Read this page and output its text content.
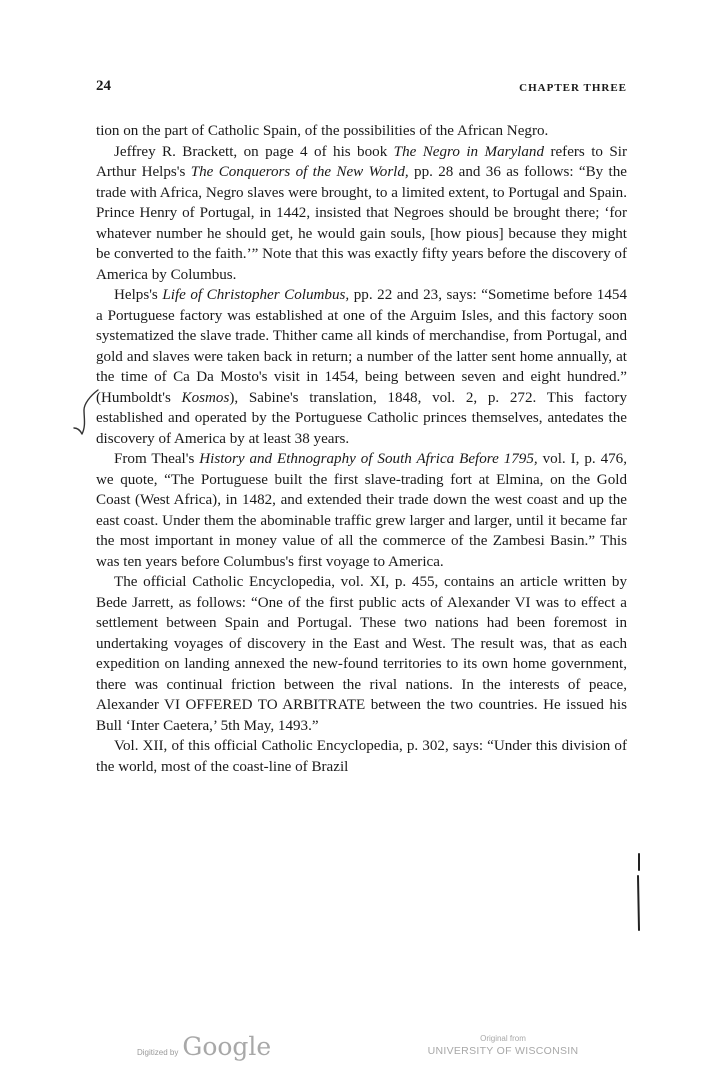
24	CHAPTER THREE

tion on the part of Catholic Spain, of the possibilities of the African Negro.

Jeffrey R. Brackett, on page 4 of his book The Negro in Maryland refers to Sir Arthur Helps's The Conquerors of the New World, pp. 28 and 36 as follows: “By the trade with Africa, Negro slaves were brought, to a limited extent, to Portugal and Spain. Prince Henry of Portugal, in 1442, insisted that Negroes should be brought there; ‘for whatever number he should get, he would gain souls, [how pious] because they might be converted to the faith.’” Note that this was exactly fifty years before the discovery of America by Columbus.

Helps's Life of Christopher Columbus, pp. 22 and 23, says: “Sometime before 1454 a Portuguese factory was established at one of the Arguim Isles, and this factory soon systematized the slave trade. Thither came all kinds of merchandise, from Portugal, and gold and slaves were taken back in return; a number of the latter sent home annually, at the time of Ca Da Mosto's visit in 1454, being between seven and eight hundred.” (Humboldt's Kosmos), Sabine's translation, 1848, vol. 2, p. 272. This factory established and operated by the Portuguese Catholic princes themselves, antedates the discovery of America by at least 38 years.

From Theal's History and Ethnography of South Africa Before 1795, vol. I, p. 476, we quote, “The Portuguese built the first slave-trading fort at Elmina, on the Gold Coast (West Africa), in 1482, and extended their trade down the west coast and up the east coast. Under them the abominable traffic grew larger and larger, until it became far the most important in money value of all the commerce of the Zambesi Basin.” This was ten years before Columbus's first voyage to America.

The official Catholic Encyclopedia, vol. XI, p. 455, contains an article written by Bede Jarrett, as follows: “One of the first public acts of Alexander VI was to effect a settlement between Spain and Portugal. These two nations had been foremost in undertaking voyages of discovery in the East and West. The result was, that as each expedition on landing annexed the new-found territories to its own home government, there was continual friction between the rival nations. In the interests of peace, Alexander VI OFFERED TO ARBITRATE between the two countries. He issued his Bull ‘Inter Caetera,’ 5th May, 1493.”

Vol. XII, of this official Catholic Encyclopedia, p. 302, says: “Under this division of the world, most of the coast-line of Brazil

Digitized by Google	Original from
UNIVERSITY OF WISCONSIN
